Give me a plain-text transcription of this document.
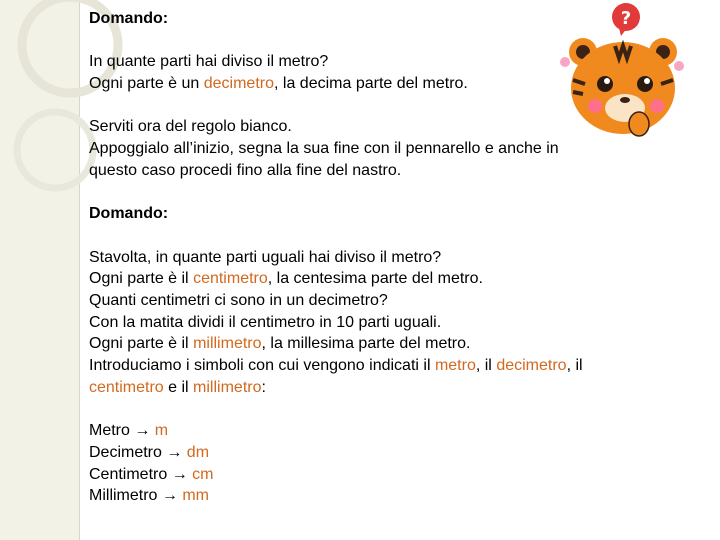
Domando:

In quante parti hai diviso il metro?

Ogni parte è un decimetro, la decima parte del metro.

Serviti ora del regolo bianco.

Appoggialo all’inizio, segna la sua fine con il pennarello e anche in

questo caso procedi fino alla fine del nastro.

Domando:

Stavolta, in quante parti uguali hai diviso il metro?

Ogni parte è il centimetro, la centesima parte del metro.

Quanti centimetri ci sono in un decimetro?

Con la matita dividi il centimetro in 10 parti uguali.

Ogni parte è il millimetro, la millesima parte del metro.

Introduciamo i simboli con cui vengono indicati il metro, il decimetro, il

centimetro e il millimetro:

Metro → m

Decimetro → dm

Centimetro → cm

Millimetro → mm

?
